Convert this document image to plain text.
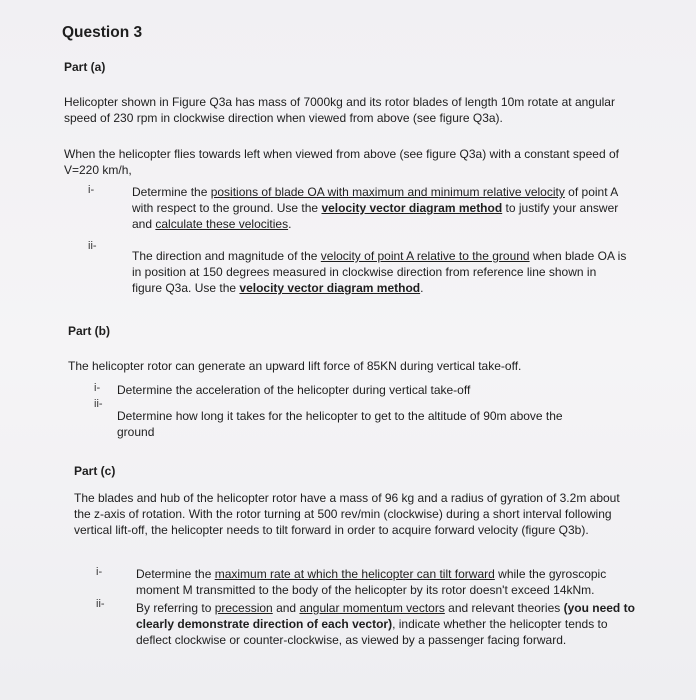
Question 3
Part (a)
Helicopter shown in Figure Q3a has mass of 7000kg and its rotor blades of length 10m rotate at angular speed of 230 rpm in clockwise direction when viewed from above (see figure Q3a).
When the helicopter flies towards left when viewed from above (see figure Q3a) with a constant speed of V=220 km/h,
i-	Determine the positions of blade OA with maximum and minimum relative velocity of point A with respect to the ground. Use the velocity vector diagram method to justify your answer and calculate these velocities.
ii-
The direction and magnitude of the velocity of point A relative to the ground when blade OA is in position at 150 degrees measured in clockwise direction from reference line shown in figure Q3a. Use the velocity vector diagram method.
Part (b)
The helicopter rotor can generate an upward lift force of 85KN during vertical take-off.
i- Determine the acceleration of the helicopter during vertical take-off
ii-
Determine how long it takes for the helicopter to get to the altitude of 90m above the ground
Part (c)
The blades and hub of the helicopter rotor have a mass of 96 kg and a radius of gyration of 3.2m about the z-axis of rotation. With the rotor turning at 500 rev/min (clockwise) during a short interval following vertical lift-off, the helicopter needs to tilt forward in order to acquire forward velocity (figure Q3b).
i-	Determine the maximum rate at which the helicopter can tilt forward while the gyroscopic moment M transmitted to the body of the helicopter by its rotor doesn't exceed 14kNm.
ii-	By referring to precession and angular momentum vectors and relevant theories (you need to clearly demonstrate direction of each vector), indicate whether the helicopter tends to deflect clockwise or counter-clockwise, as viewed by a passenger facing forward.
